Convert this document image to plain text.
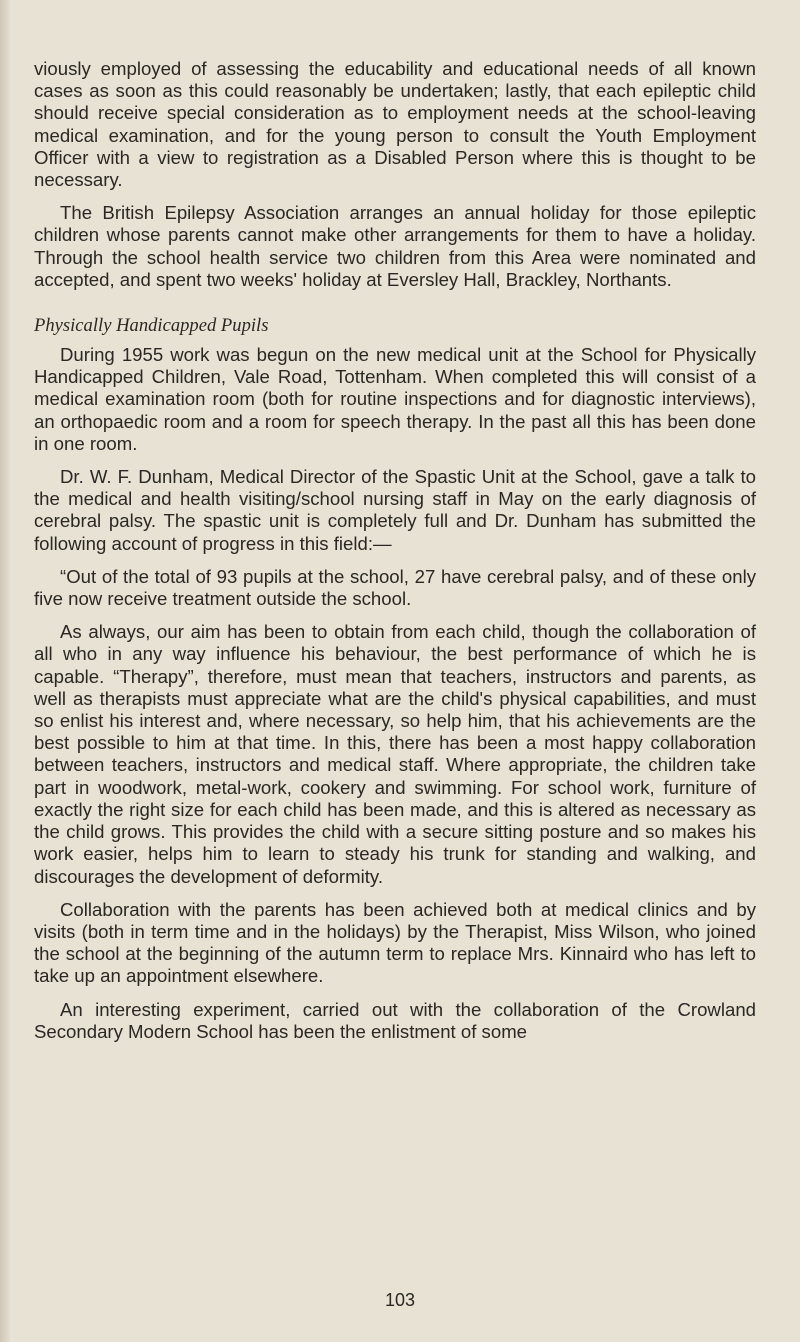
viously employed of assessing the educability and educational needs of all known cases as soon as this could reasonably be undertaken; lastly, that each epileptic child should receive special consideration as to employment needs at the school-leaving medical examination, and for the young person to consult the Youth Employment Officer with a view to registration as a Disabled Person where this is thought to be necessary.

The British Epilepsy Association arranges an annual holiday for those epileptic children whose parents cannot make other arrangements for them to have a holiday. Through the school health service two children from this Area were nominated and accepted, and spent two weeks' holiday at Eversley Hall, Brackley, Northants.

Physically Handicapped Pupils

During 1955 work was begun on the new medical unit at the School for Physically Handicapped Children, Vale Road, Tottenham. When completed this will consist of a medical examination room (both for routine inspections and for diagnostic interviews), an orthopaedic room and a room for speech therapy. In the past all this has been done in one room.

Dr. W. F. Dunham, Medical Director of the Spastic Unit at the School, gave a talk to the medical and health visiting/school nursing staff in May on the early diagnosis of cerebral palsy. The spastic unit is completely full and Dr. Dunham has submitted the following account of progress in this field:—

“Out of the total of 93 pupils at the school, 27 have cerebral palsy, and of these only five now receive treatment outside the school.

As always, our aim has been to obtain from each child, though the collaboration of all who in any way influence his behaviour, the best performance of which he is capable. “Therapy”, therefore, must mean that teachers, instructors and parents, as well as therapists must appreciate what are the child's physical capabilities, and must so enlist his interest and, where necessary, so help him, that his achievements are the best possible to him at that time. In this, there has been a most happy collaboration between teachers, instructors and medical staff. Where appropriate, the children take part in woodwork, metal-work, cookery and swimming. For school work, furniture of exactly the right size for each child has been made, and this is altered as necessary as the child grows. This provides the child with a secure sitting posture and so makes his work easier, helps him to learn to steady his trunk for standing and walking, and discourages the development of deformity.

Collaboration with the parents has been achieved both at medical clinics and by visits (both in term time and in the holidays) by the Therapist, Miss Wilson, who joined the school at the beginning of the autumn term to replace Mrs. Kinnaird who has left to take up an appointment elsewhere.

An interesting experiment, carried out with the collaboration of the Crowland Secondary Modern School has been the enlistment of some

103
